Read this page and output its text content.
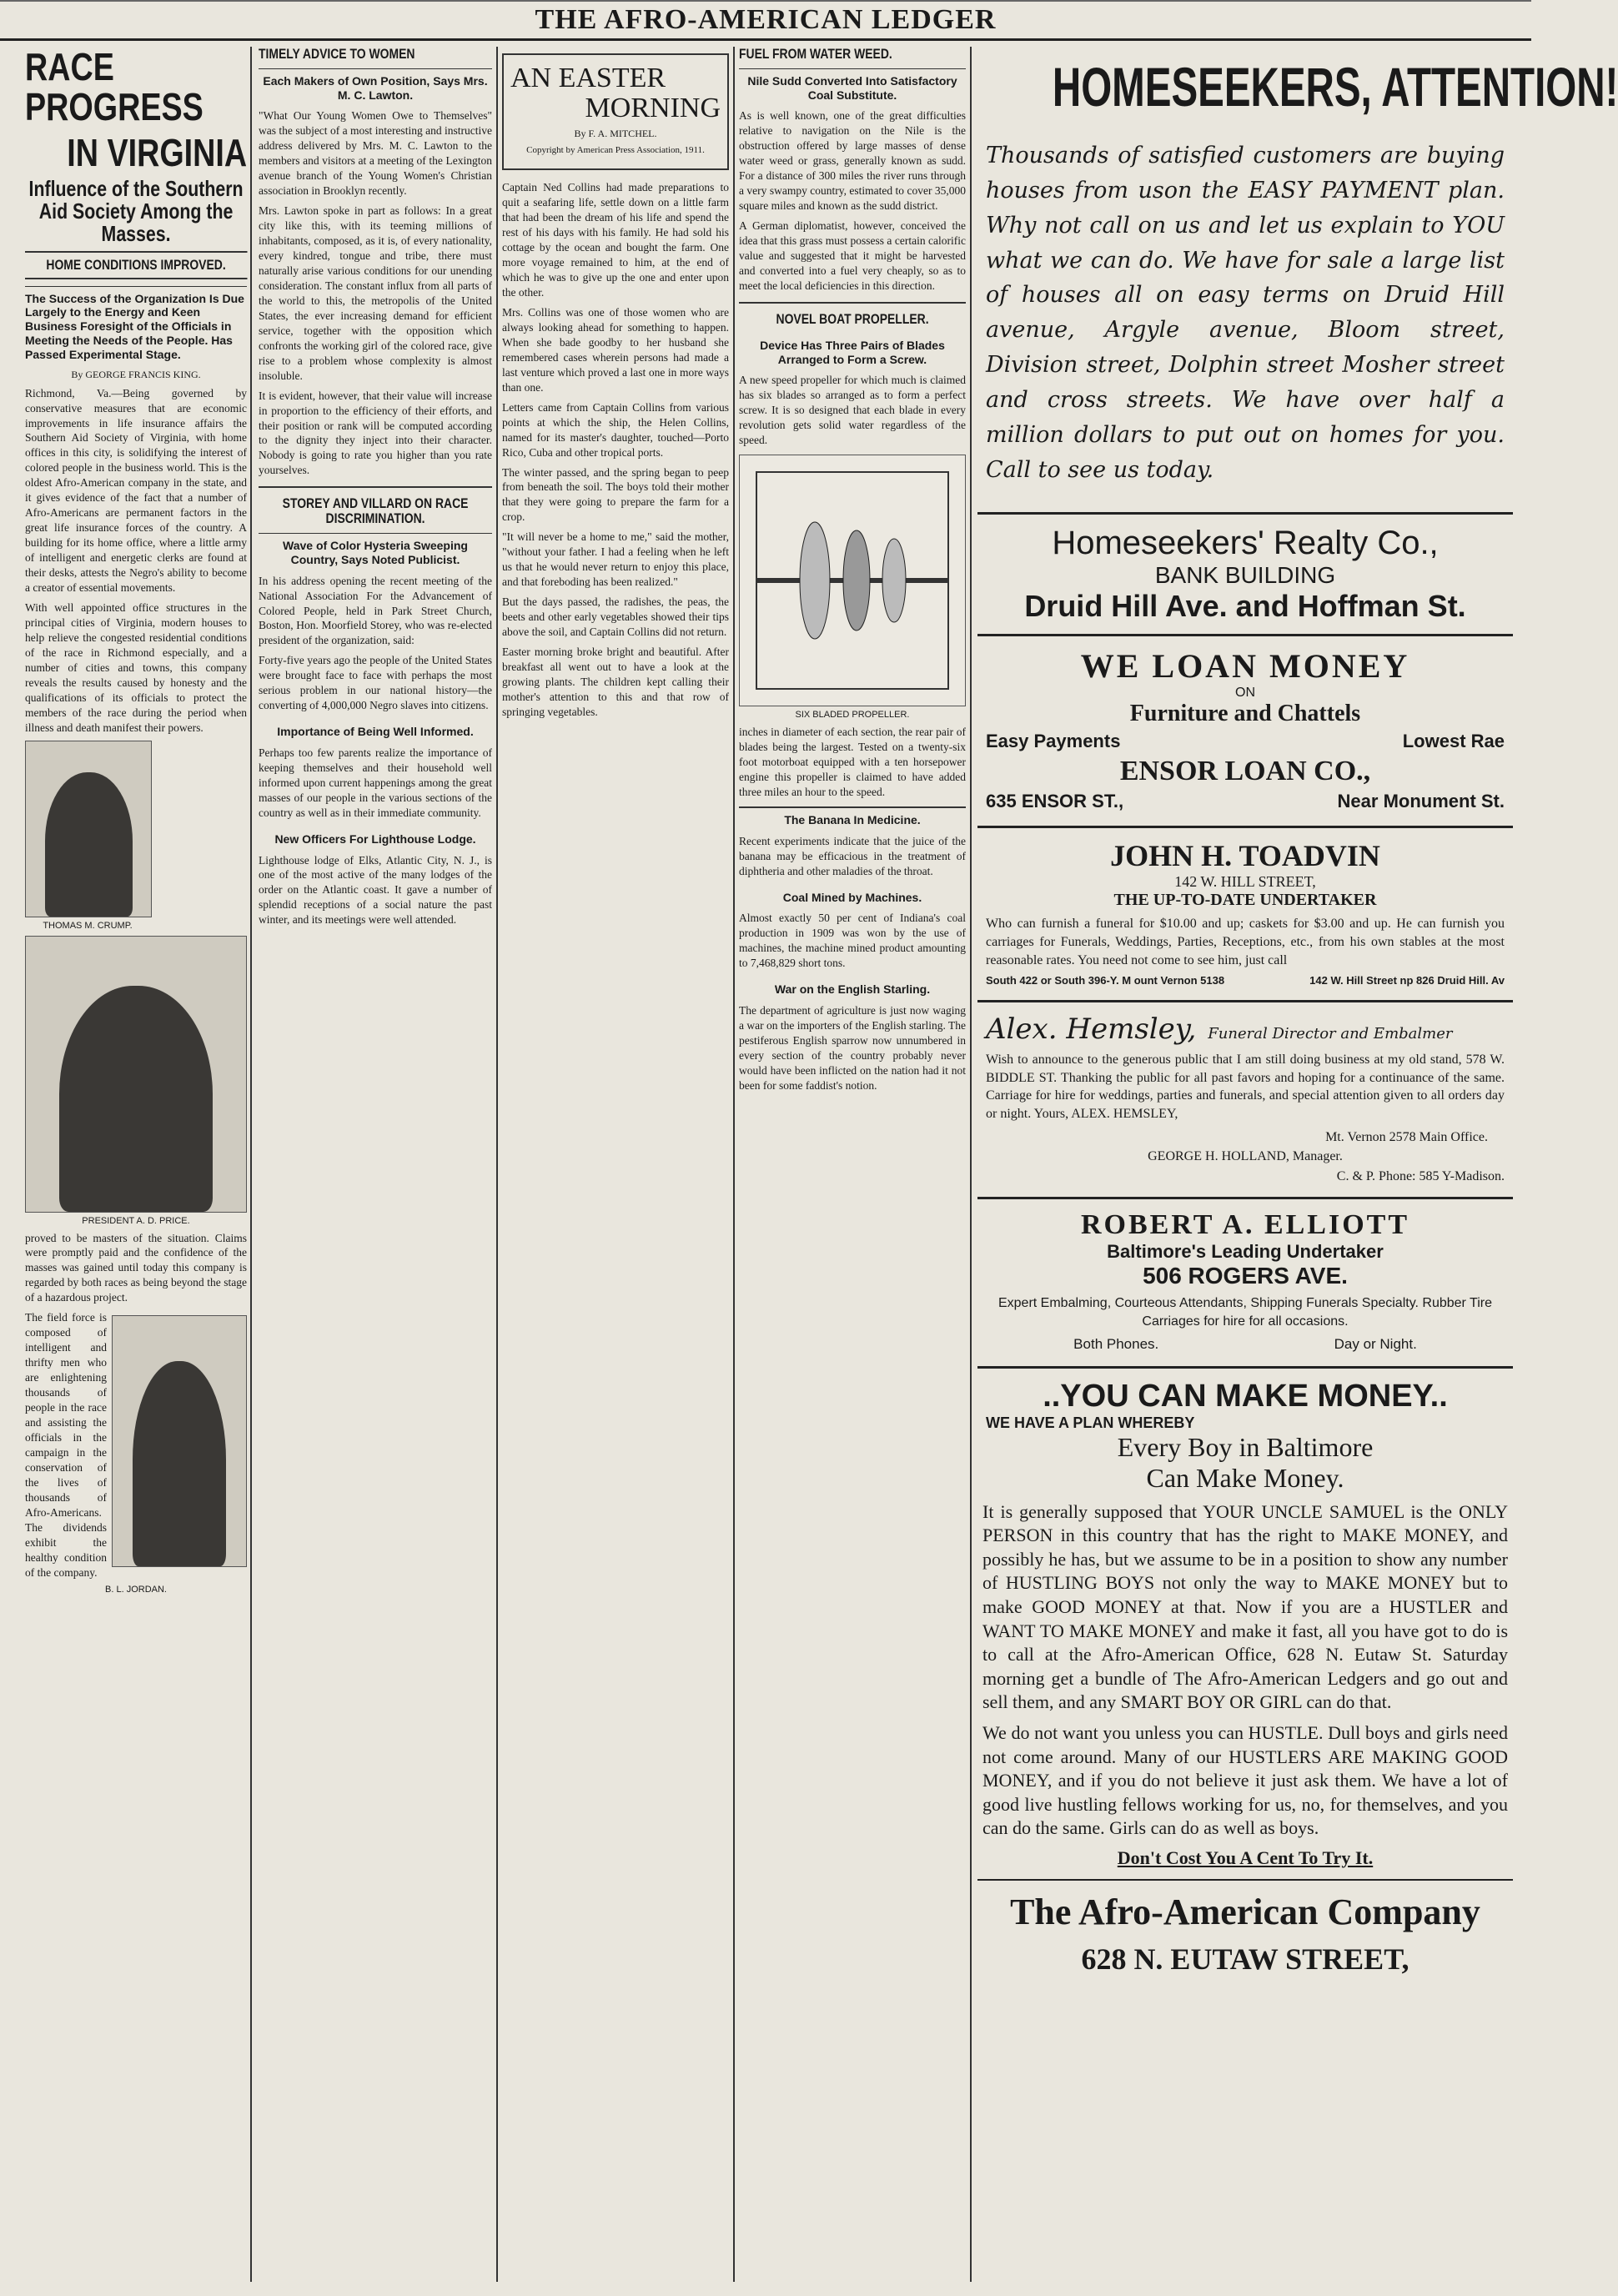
THE AFRO-AMERICAN LEDGER
RACE PROGRESS
IN VIRGINIA
Influence of the Southern Aid Society Among the Masses.
HOME CONDITIONS IMPROVED.
The Success of the Organization Is Due Largely to the Energy and Keen Business Foresight of the Officials in Meeting the Needs of the People. Has Passed Experimental Stage.
By GEORGE FRANCIS KING.

Richmond, Va.—Being governed by conservative measures that are economic improvements in life insurance affairs the Southern Aid Society of Virginia, with home offices in this city, is solidifying the interest of colored people in the business world. This is the oldest Afro-American company in the state, and it gives evidence of the fact that a number of Afro-Americans are permanent factors in the great life insurance forces of the country. A building for its home office, where a little army of intelligent and energetic clerks are found at their desks, attests the Negro's ability to become a creator of essential movements.

With well appointed office structures in the principal cities of Virginia, modern houses to help relieve the congested residential conditions of the race in Richmond especially, and a number of cities and towns, this company reveals the results caused by honesty and the qualifications of its officials to protect the members of the race during the period when illness and death manifest their powers.

THOMAS M. CRUMP.
PRESIDENT A. D. PRICE.

proved to be masters of the situation. Claims were promptly paid and the confidence of the masses was gained until today this company is regarded by both races as being beyond the stage of a hazardous project.

The field force is composed of intelligent and thrifty men who are enlightening thousands of people in the race and assisting the officials in the campaign in the conservation of the lives of thousands of Afro-Americans. The dividends exhibit the healthy condition of the company.

B. L. JORDAN.
TIMELY ADVICE TO WOMEN
Each Makers of Own Position, Says Mrs. M. C. Lawton.

"What Our Young Women Owe to Themselves" was the subject of a most interesting and instructive address delivered by Mrs. M. C. Lawton to the members and visitors at a meeting of the Lexington avenue branch of the Young Women's Christian association in Brooklyn recently.

Mrs. Lawton spoke in part as follows: In a great city like this, with its teeming millions of inhabitants, composed, as it is, of every nationality, every kindred, tongue and tribe, there must naturally arise various conditions for our unending consideration. The constant influx from all parts of the world to this, the metropolis of the United States, the ever increasing demand for efficient service, together with the opposition which confronts the working girl of the colored race, give rise to a problem whose complexity is almost insoluble.

It is evident, however, that their value will increase in proportion to the efficiency of their efforts, and their position or rank will be computed according to the dignity they inject into their character. Nobody is going to rate you higher than you rate yourselves.

STOREY AND VILLARD ON RACE DISCRIMINATION.
Wave of Color Hysteria Sweeping Country, Says Noted Publicist.

In his address opening the recent meeting of the National Association For the Advancement of Colored People, held in Park Street Church, Boston, Hon. Moorfield Storey, who was re-elected president of the organization, said:

Forty-five years ago the people of the United States were brought face to face with perhaps the most serious problem in our national history—the converting of 4,000,000 Negro slaves into citizens.

Importance of Being Well Informed.

Perhaps too few parents realize the importance of keeping themselves and their household well informed upon current happenings among the great masses of our people in the various sections of the country as well as in their immediate community.

New Officers For Lighthouse Lodge.

Lighthouse lodge of Elks, Atlantic City, N. J., is one of the most active of the many lodges of the order on the Atlantic coast. It gave a number of splendid receptions of a social nature the past winter, and its meetings were well attended.

AN EASTER
MORNING
By F. A. MITCHEL.
Copyright by American Press Association, 1911.

Captain Ned Collins had made preparations to quit a seafaring life, settle down on a little farm that had been the dream of his life and spend the rest of his days with his family. He had sold his cottage by the ocean and bought the farm. One more voyage remained to him, at the end of which he was to give up the one and enter upon the other.

Mrs. Collins was one of those women who are always looking ahead for something to happen. When she bade goodby to her husband she remembered cases wherein persons had made a last venture which proved a last one in more ways than one.

Letters came from Captain Collins from various points at which the ship, the Helen Collins, named for its master's daughter, touched—Porto Rico, Cuba and other tropical ports.

The winter passed, and the spring began to peep from beneath the soil. The boys told their mother that they were going to prepare the farm for a crop.

"It will never be a home to me," said the mother, "without your father. I had a feeling when he left us that he would never return to enjoy this place, and that foreboding has been realized."

But the days passed, the radishes, the peas, the beets and other early vegetables showed their tips above the soil, and Captain Collins did not return.

Easter morning broke bright and beautiful. After breakfast all went out to have a look at the growing plants. The children kept calling their mother's attention to this and that row of springing vegetables.

FUEL FROM WATER WEED.
Nile Sudd Converted Into Satisfactory Coal Substitute.

As is well known, one of the great difficulties relative to navigation on the Nile is the obstruction offered by large masses of dense water weed or grass, generally known as sudd. For a distance of 300 miles the river runs through a very swampy country, estimated to cover 35,000 square miles and known as the sudd district.

A German diplomatist, however, conceived the idea that this grass must possess a certain calorific value and suggested that it might be harvested and converted into a fuel very cheaply, so as to meet the local deficiencies in this direction.

NOVEL BOAT PROPELLER.
Device Has Three Pairs of Blades Arranged to Form a Screw.

A new speed propeller for which much is claimed has six blades so arranged as to form a perfect screw. It is so designed that each blade in every revolution gets solid water regardless of the speed.

SIX BLADED PROPELLER.

inches in diameter of each section, the rear pair of blades being the largest. Tested on a twenty-six foot motorboat equipped with a ten horsepower engine this propeller is claimed to have added three miles an hour to the speed.

The Banana In Medicine.

Recent experiments indicate that the juice of the banana may be efficacious in the treatment of diphtheria and other maladies of the throat.

Coal Mined by Machines.

Almost exactly 50 per cent of Indiana's coal production in 1909 was won by the use of machines, the machine mined product amounting to 7,468,829 short tons.

War on the English Starling.

The department of agriculture is just now waging a war on the importers of the English starling. The pestiferous English sparrow now unnumbered in every section of the country probably never would have been inflicted on the nation had it not been for some faddist's notion.

HOMESEEKERS, ATTENTION!
Thousands of satisfied customers are buying houses from uson the EASY PAYMENT plan. Why not call on us and let us explain to YOU what we can do. We have for sale a large list of houses all on easy terms on Druid Hill avenue, Argyle avenue, Bloom street, Division street, Dolphin street Mosher street and cross streets. We have over half a million dollars to put out on homes for you. Call to see us today.
Homeseekers' Realty Co.,
BANK BUILDING
Druid Hill Ave. and Hoffman St.
WE LOAN MONEY
ON
Furniture and Chattels
Easy Payments	Lowest Rae
ENSOR LOAN CO.,
635 ENSOR ST.,	Near Monument St.
JOHN H. TOADVIN
142 W. HILL STREET,
THE UP-TO-DATE UNDERTAKER
Who can furnish a funeral for $10.00 and up; caskets for $3.00 and up. He can furnish you carriages for Funerals, Weddings, Parties, Receptions, etc., from his own stables at the most reasonable rates. You need not come to see him, just call
South 422 or South 396-Y. M ount Vernon 5138	142 W. Hill Street np 826 Druid Hill. Av
Alex. Hemsley, Funeral Director and Embalmer
Wish to announce to the generous public that I am still doing business at my old stand, 578 W. BIDDLE ST. Thanking the public for all past favors and hoping for a continuance of the same. Carriage for hire for weddings, parties and funerals, and special attention given to all orders day or night. Yours, ALEX. HEMSLEY,
Mt. Vernon 2578 Main Office.
GEORGE H. HOLLAND, Manager.
C. & P. Phone: 585 Y-Madison.
ROBERT A. ELLIOTT
Baltimore's Leading Undertaker
506 ROGERS AVE.
Expert Embalming, Courteous Attendants, Shipping Funerals Specialty. Rubber Tire Carriages for hire for all occasions.
Both Phones.	Day or Night.
..YOU CAN MAKE MONEY..
WE HAVE A PLAN WHEREBY
Every Boy in Baltimore
Can Make Money.
It is generally supposed that YOUR UNCLE SAMUEL is the ONLY PERSON in this country that has the right to MAKE MONEY, and possibly he has, but we assume to be in a position to show any number of HUSTLING BOYS not only the way to MAKE MONEY but to make GOOD MONEY at that. Now if you are a HUSTLER and WANT TO MAKE MONEY and make it fast, all you have got to do is to call at the Afro-American Office, 628 N. Eutaw St. Saturday morning get a bundle of The Afro-American Ledgers and go out and sell them, and any SMART BOY OR GIRL can do that.
We do not want you unless you can HUSTLE. Dull boys and girls need not come around. Many of our HUSTLERS ARE MAKING GOOD MONEY, and if you do not believe it just ask them. We have a lot of good live hustling fellows working for us, no, for themselves, and you can do the same. Girls can do as well as boys.
Don't Cost You A Cent To Try It.
The Afro-American Company
628 N. EUTAW STREET,
